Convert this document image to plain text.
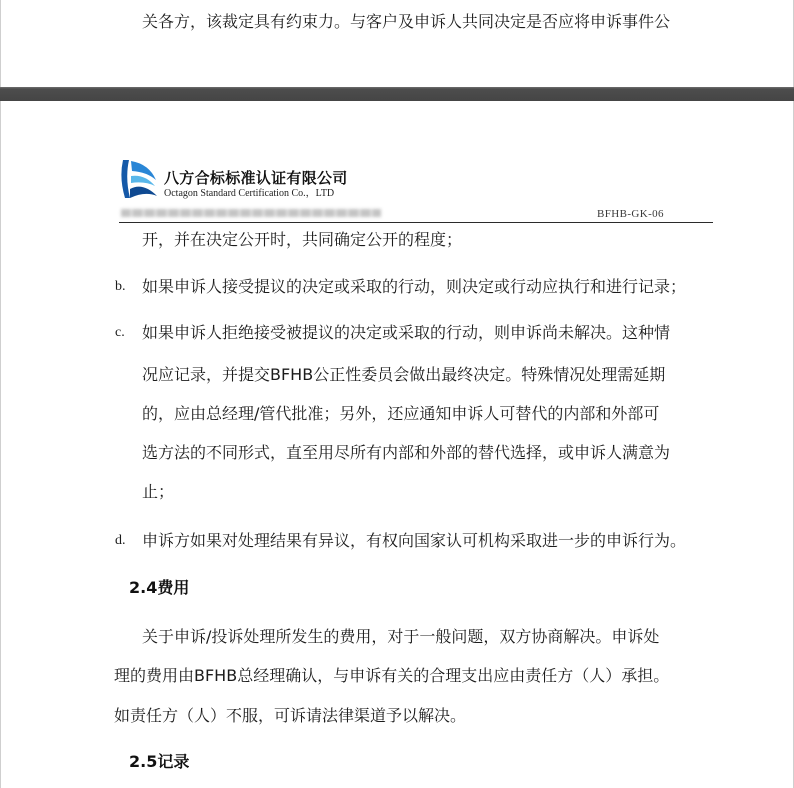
关各方，该裁定具有约束力。与客户及申诉人共同决定是否应将申诉事件公
八方合标标准认证有限公司
Octagon Standard Certification Co.，LTD
BFHB-GK-06
开，并在决定公开时，共同确定公开的程度；
b. 如果申诉人接受提议的决定或采取的行动，则决定或行动应执行和进行记录；
c. 如果申诉人拒绝接受被提议的决定或采取的行动，则申诉尚未解决。这种情
况应记录，并提交BFHB公正性委员会做出最终决定。特殊情况处理需延期
的，应由总经理/管代批准；另外，还应通知申诉人可替代的内部和外部可
选方法的不同形式，直至用尽所有内部和外部的替代选择，或申诉人满意为
止；
d. 申诉方如果对处理结果有异议，有权向国家认可机构采取进一步的申诉行为。
2.4费用
关于申诉/投诉处理所发生的费用，对于一般问题，双方协商解决。申诉处
理的费用由BFHB总经理确认，与申诉有关的合理支出应由责任方（人）承担。
如责任方（人）不服，可诉请法律渠道予以解决。
2.5记录
